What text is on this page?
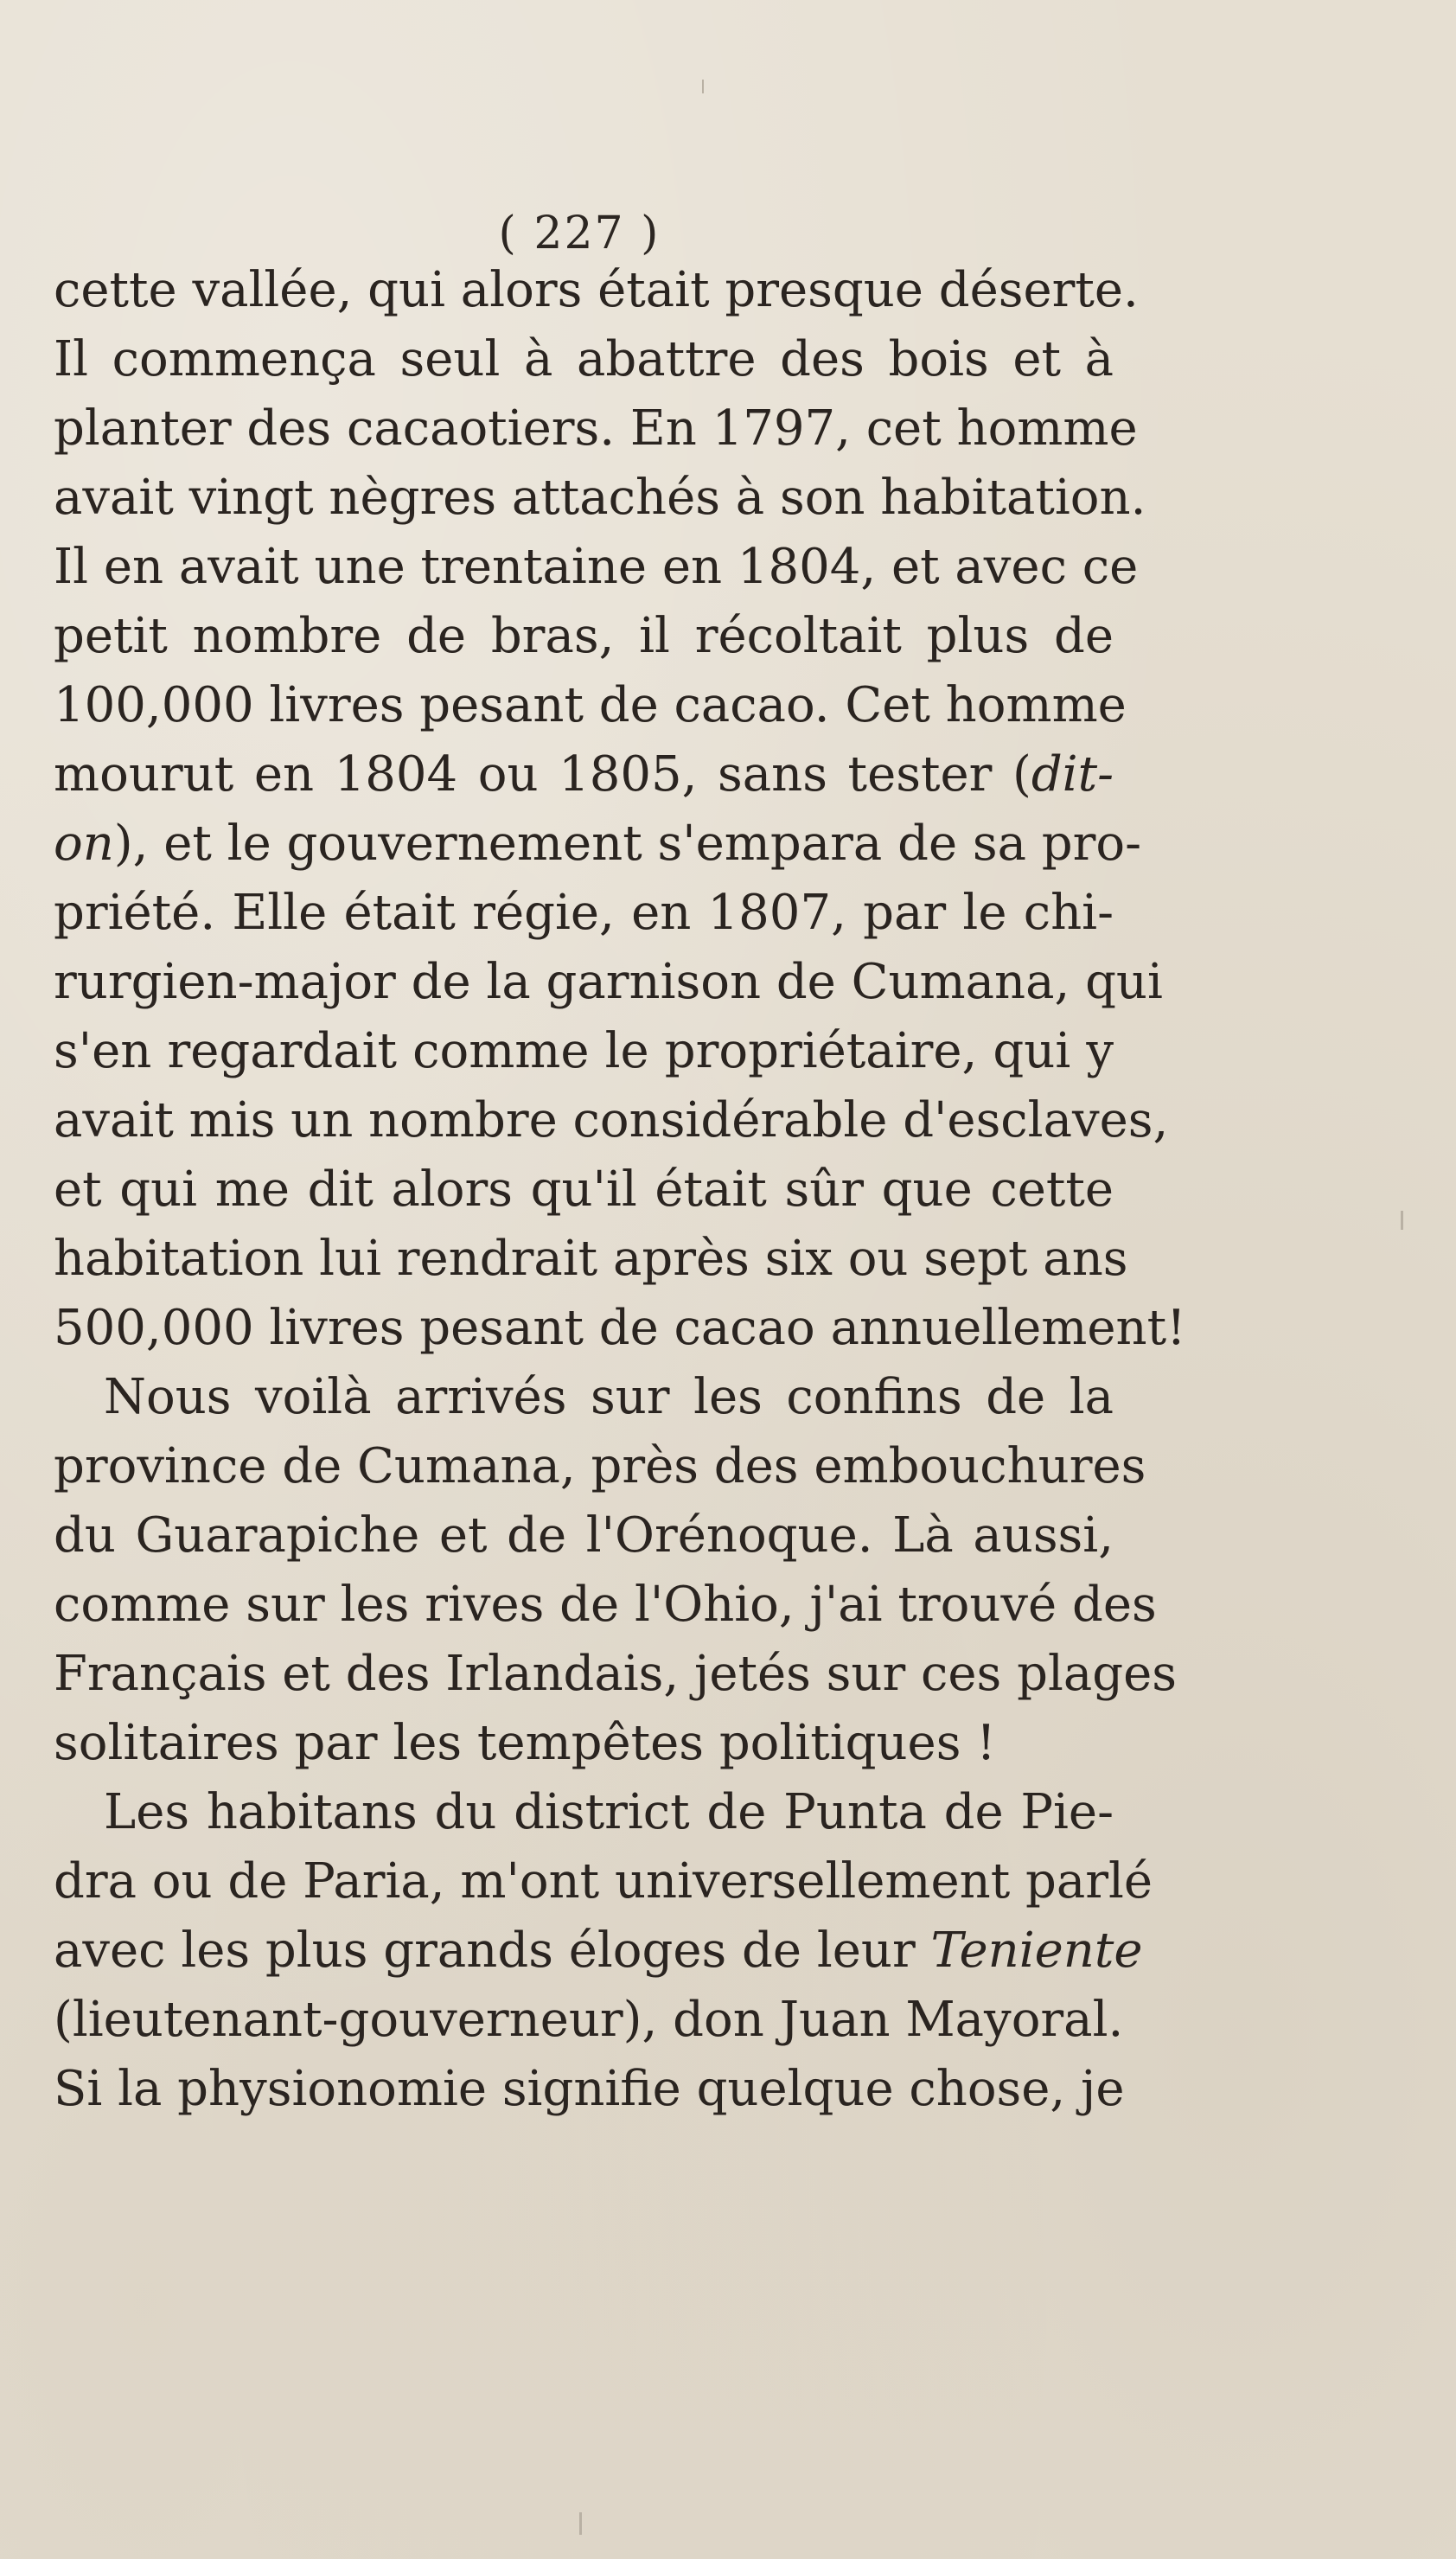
( 227 )
cette vallée, qui alors était presque déserte.
Il commença seul à abattre des bois et à
planter des cacaotiers. En 1797, cet homme
avait vingt nègres attachés à son habitation.
Il en avait une trentaine en 1804, et avec ce
petit nombre de bras, il récoltait plus de
100,000 livres pesant de cacao. Cet homme
mourut en 1804 ou 1805, sans tester (dit-
on), et le gouvernement s'empara de sa pro-
priété. Elle était régie, en 1807, par le chi-
rurgien-major de la garnison de Cumana, qui
s'en regardait comme le propriétaire, qui y
avait mis un nombre considérable d'esclaves,
et qui me dit alors qu'il était sûr que cette
habitation lui rendrait après six ou sept ans
500,000 livres pesant de cacao annuellement!
Nous voilà arrivés sur les confins de la
province de Cumana, près des embouchures
du Guarapiche et de l'Orénoque. Là aussi,
comme sur les rives de l'Ohio, j'ai trouvé des
Français et des Irlandais, jetés sur ces plages
solitaires par les tempêtes politiques !
Les habitans du district de Punta de Pie-
dra ou de Paria, m'ont universellement parlé
avec les plus grands éloges de leur Teniente
(lieutenant-gouverneur), don Juan Mayoral.
Si la physionomie signifie quelque chose, je
